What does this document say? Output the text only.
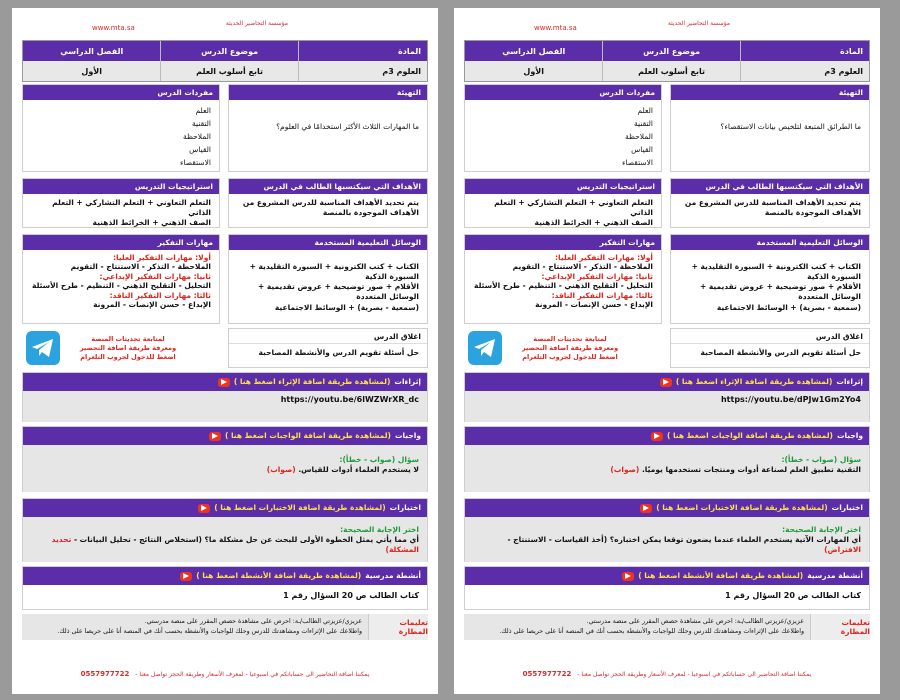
مؤسسة التحاضير الحديثة
www.mta.sa
المادة
موضوع الدرس
الفصل الدراسي
العلوم 3م
تابع أسلوب العلم
الأول
التهيئة
ما المهارات الثلاث الأكثر استخدامًا في العلوم؟
مفردات الدرس
العلم
التقنية
الملاحظة
القياس
الاستقصاء
الأهداف التي سيكتسبها الطالب في الدرس
يتم تحديد الأهداف المناسبة للدرس المشروع من الأهداف الموجودة بالمنصة
استراتيجيات التدريس
التعلم التعاوني + التعلم التشاركي + التعلم الذاتي
الصف الذهني + الخرائط الذهنية
الوسائل التعليمية المستخدمة
الكتاب + كتب الكترونية + السبورة التقليدية + السبورة الذكية
الأقلام + صور توضيحية + عروض تقديمية + الوسائل المتعددة
(سمعية - بصرية) + الوسائط الاجتماعية
مهارات التفكير
أولا: مهارات التفكير العليا:
الملاحظة - التذكر - الاستنتاج - التقويم
ثانيا: مهارات التفكير الإبداعي:
التحليل - التقليح الذهني - التنظيم - طرح الأسئلة
ثالثا: مهارات التفكير الناقد:
الإبداع - حسن الإنصات - المرونة
اغلاق الدرس
حل أسئلة تقويم الدرس والأنشطة المصاحبة
لمتابعة تحديثات المنصة
ومعرفة طريقة اضافة التحضير
اضغط للدخول لجروب التلغرام
إثراءات
(لمشاهدة طريقة اضافة الإثراء اضغط هنا )
https://youtu.be/6lWZWrXR_dc
واجبات
(لمشاهدة طريقة اضافة الواجبات اضغط هنا )
سؤال (صواب - خطأ):
لا يستخدم العلماء أدوات للقياس. (صواب)
اختبارات
(لمشاهدة طريقة اضافة الاختبارات اضغط هنا )
اختر الإجابة الصحيحة:
أي مما يأتي يمثل الخطوة الأولى للبحث عن حل مشكلة ما؟ (استخلاص النتائج - تحليل البيانات - تحديد المشكلة)
أنشطة مدرسية
(لمشاهدة طريقة اضافة الأنشطة اضغط هنا )
كتاب الطالب ص 20 السؤال رقم 1
تعليمات المطارة
عزيزي/عزيزتي الطالب/ـة: احرص على مشاهدة حصص المقرر على منصة مدرستي.
واطلاعك على الإثراءات ومشاهدتك للدرس وحلك للواجبات والأنشطة بحسب أنك في المنصة أنا على حريصا على ذلك.
يمكننا اضافة التحاضير الى حساباتكم في اسبوعيا - لمعرف الأسعار وطريقة الحجز تواصل معنا - 0557977722
مؤسسة التحاضير الحديثة
www.mta.sa
المادة
موضوع الدرس
الفصل الدراسي
العلوم 3م
تابع أسلوب العلم
الأول
التهيئة
ما الطرائق المتبعة لتلخيص بيانات الاستقصاء؟
مفردات الدرس
العلم
التقنية
الملاحظة
القياس
الاستقصاء
الأهداف التي سيكتسبها الطالب في الدرس
يتم تحديد الأهداف المناسبة للدرس المشروع من الأهداف الموجودة بالمنصة
استراتيجيات التدريس
التعلم التعاوني + التعلم التشاركي + التعلم الذاتي
الصف الذهني + الخرائط الذهنية
الوسائل التعليمية المستخدمة
الكتاب + كتب الكترونية + السبورة التقليدية + السبورة الذكية
الأقلام + صور توضيحية + عروض تقديمية + الوسائل المتعددة
(سمعية - بصرية) + الوسائط الاجتماعية
مهارات التفكير
أولا: مهارات التفكير العليا:
الملاحظة - التذكر - الاستنتاج - التقويم
ثانيا: مهارات التفكير الإبداعي:
التحليل - التقليح الذهني - التنظيم - طرح الأسئلة
ثالثا: مهارات التفكير الناقد:
الإبداع - حسن الإنصات - المرونة
اغلاق الدرس
حل أسئلة تقويم الدرس والأنشطة المصاحبة
لمتابعة تحديثات المنصة
ومعرفة طريقة اضافة التحضير
اضغط للدخول لجروب التلغرام
إثراءات
(لمشاهدة طريقة اضافة الإثراء اضغط هنا )
https://youtu.be/dPJw1Gm2Yo4
واجبات
(لمشاهدة طريقة اضافة الواجبات اضغط هنا )
سؤال (صواب - خطأ):
التقنية تطبيق العلم لصناعة أدوات ومنتجات تستخدمها يوميًا. (صواب)
اختبارات
(لمشاهدة طريقة اضافة الاختبارات اضغط هنا )
اختر الإجابة الصحيحة:
أي المهارات الآتية يستخدم العلماء عندما يضعون توقعا يمكن اختباره؟ (أخذ القياسات - الاستنتاج - الافتراض)
أنشطة مدرسية
(لمشاهدة طريقة اضافة الأنشطة اضغط هنا )
كتاب الطالب ص 20 السؤال رقم 1
تعليمات المطارة
عزيزي/عزيزتي الطالب/ـة: احرص على مشاهدة حصص المقرر على منصة مدرستي.
واطلاعك على الإثراءات ومشاهدتك للدرس وحلك للواجبات والأنشطة بحسب أنك في المنصة أنا على حريصا على ذلك.
يمكننا اضافة التحاضير الى حساباتكم في اسبوعيا - لمعرف الأسعار وطريقة الحجز تواصل معنا - 0557977722
